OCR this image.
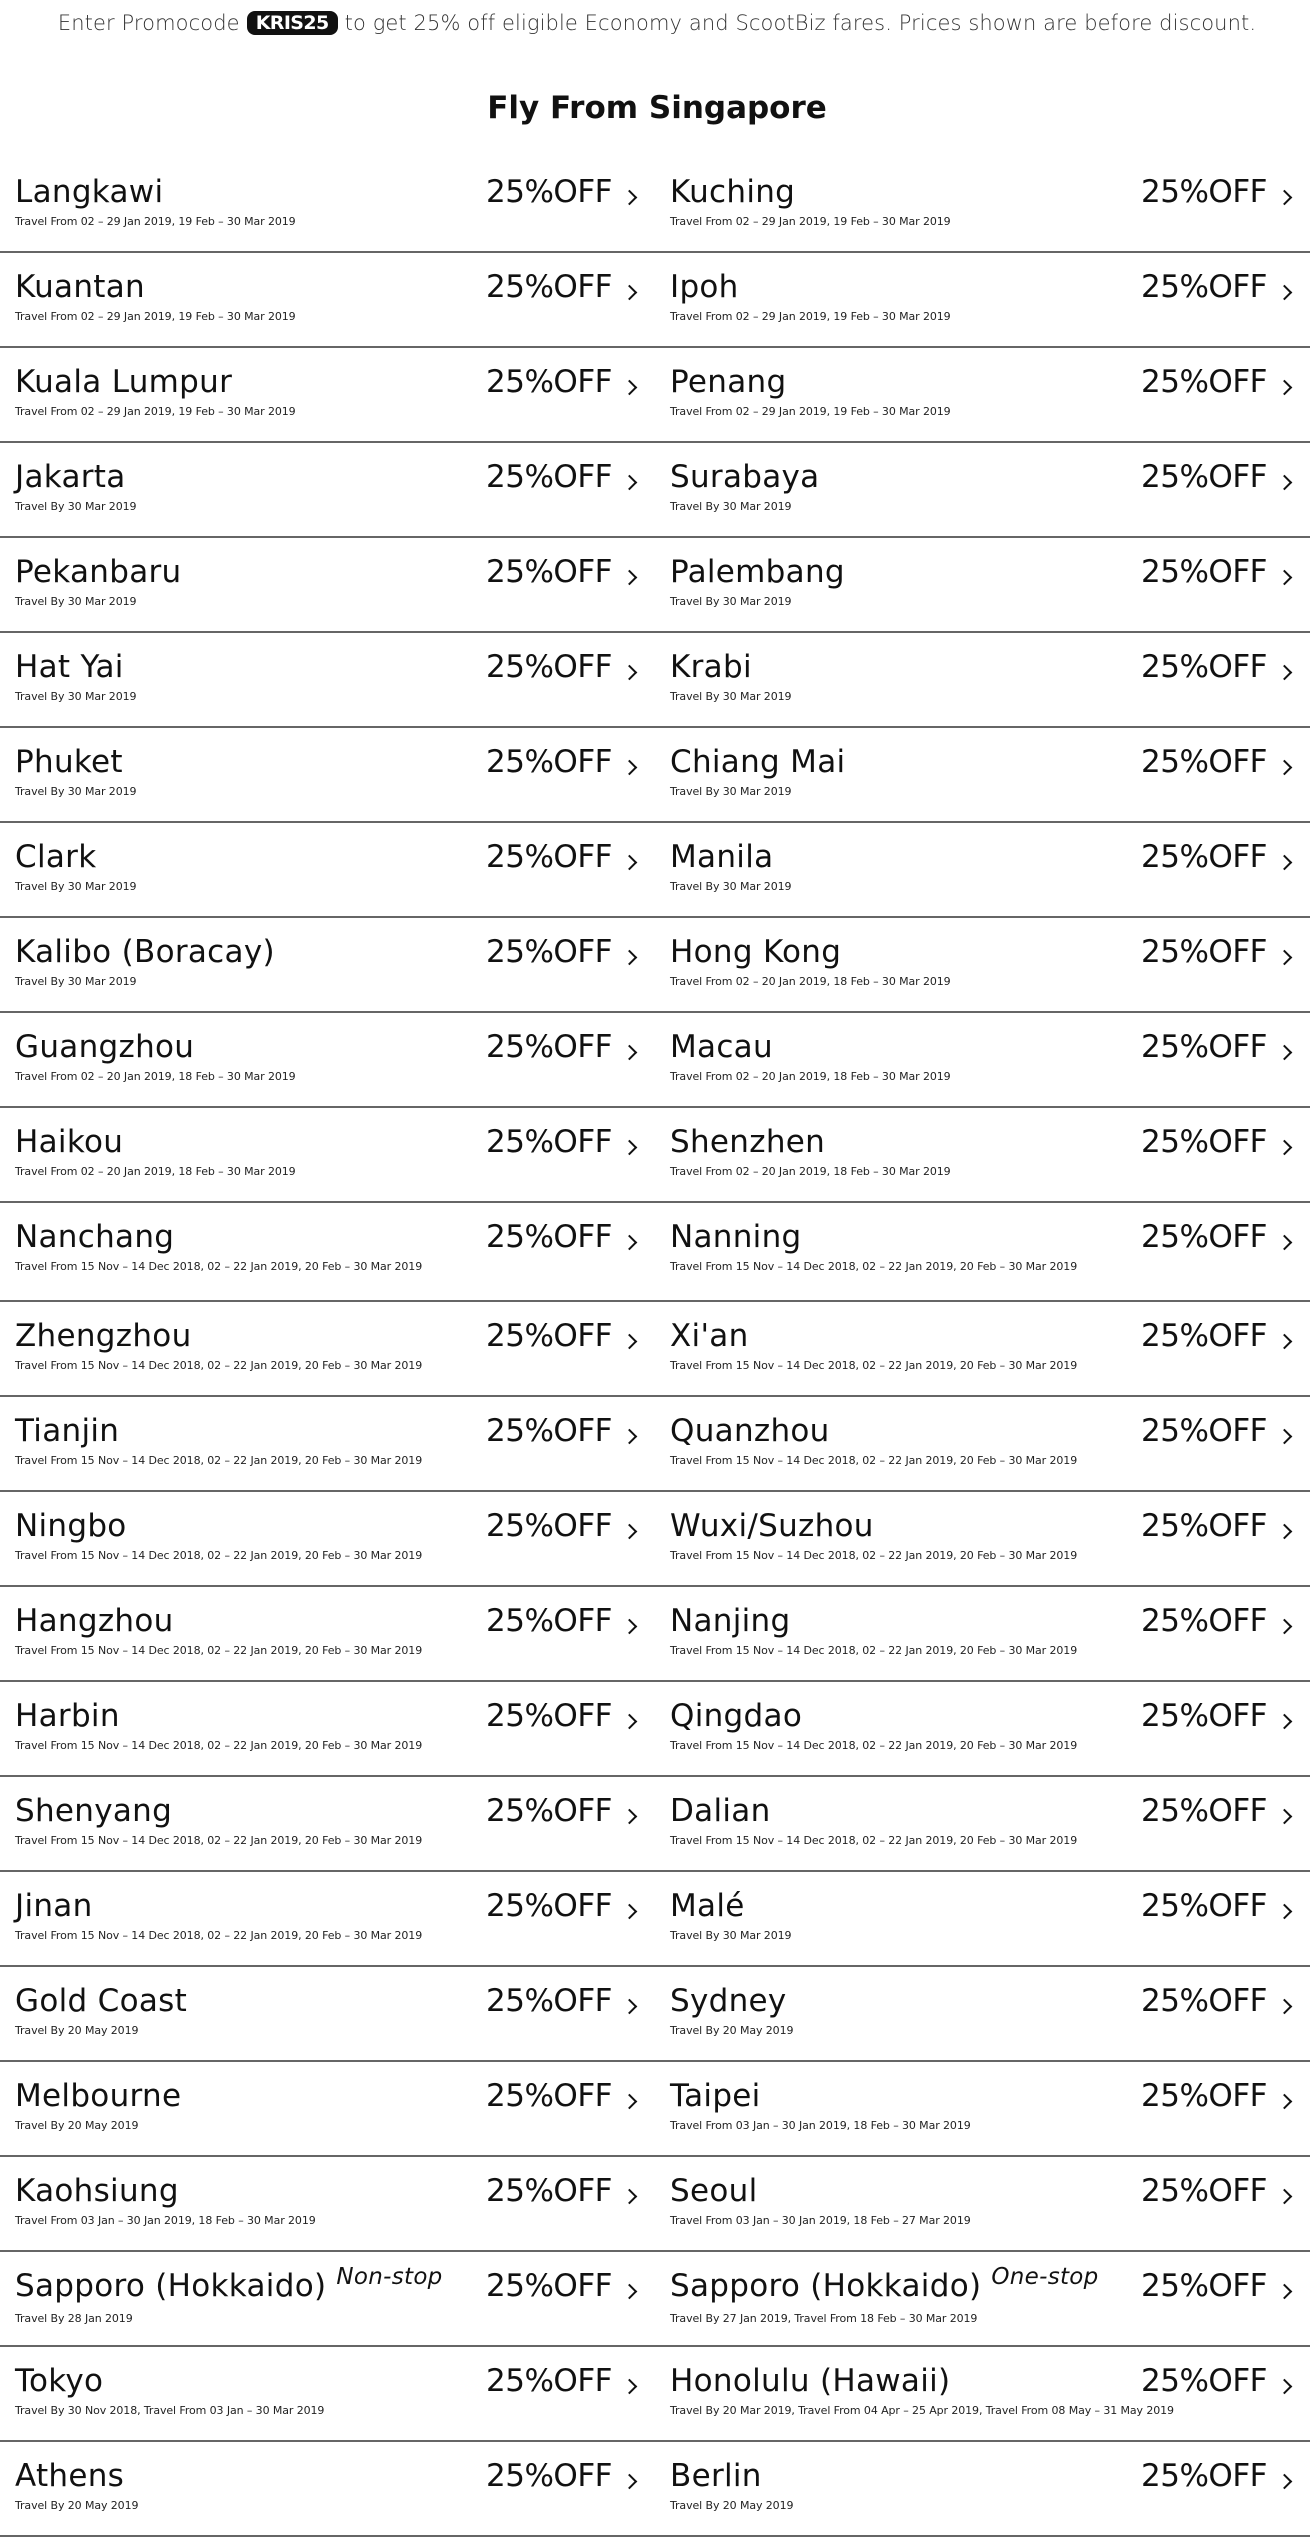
Enter Promocode KRIS25 to get 25% off eligible Economy and ScootBiz fares. Prices shown are before discount.
Fly From Singapore
Langkawi
Travel From 02 – 29 Jan 2019, 19 Feb – 30 Mar 2019
25%OFF Kuching
Travel From 02 – 29 Jan 2019, 19 Feb – 30 Mar 2019
25%OFF
Kuantan
Travel From 02 – 29 Jan 2019, 19 Feb – 30 Mar 2019
25%OFF Ipoh
Travel From 02 – 29 Jan 2019, 19 Feb – 30 Mar 2019
25%OFF
Kuala Lumpur
Travel From 02 – 29 Jan 2019, 19 Feb – 30 Mar 2019
25%OFF Penang
Travel From 02 – 29 Jan 2019, 19 Feb – 30 Mar 2019
25%OFF
Jakarta
Travel By 30 Mar 2019
25%OFF Surabaya
Travel By 30 Mar 2019
25%OFF
Pekanbaru
Travel By 30 Mar 2019
25%OFF Palembang
Travel By 30 Mar 2019
25%OFF
Hat Yai
Travel By 30 Mar 2019
25%OFF Krabi
Travel By 30 Mar 2019
25%OFF
Phuket
Travel By 30 Mar 2019
25%OFF Chiang Mai
Travel By 30 Mar 2019
25%OFF
Clark
Travel By 30 Mar 2019
25%OFF Manila
Travel By 30 Mar 2019
25%OFF
Kalibo (Boracay)
Travel By 30 Mar 2019
25%OFF Hong Kong
Travel From 02 – 20 Jan 2019, 18 Feb – 30 Mar 2019
25%OFF
Guangzhou
Travel From 02 – 20 Jan 2019, 18 Feb – 30 Mar 2019
25%OFF Macau
Travel From 02 – 20 Jan 2019, 18 Feb – 30 Mar 2019
25%OFF
Haikou
Travel From 02 – 20 Jan 2019, 18 Feb – 30 Mar 2019
25%OFF Shenzhen
Travel From 02 – 20 Jan 2019, 18 Feb – 30 Mar 2019
25%OFF
Nanchang
Travel From 15 Nov – 14 Dec 2018, 02 – 22 Jan 2019, 20 Feb – 30 Mar 2019
25%OFF Nanning
Travel From 15 Nov – 14 Dec 2018, 02 – 22 Jan 2019, 20 Feb – 30 Mar 2019
25%OFF
Zhengzhou
Travel From 15 Nov – 14 Dec 2018, 02 – 22 Jan 2019, 20 Feb – 30 Mar 2019
25%OFF Xi'an
Travel From 15 Nov – 14 Dec 2018, 02 – 22 Jan 2019, 20 Feb – 30 Mar 2019
25%OFF
Tianjin
Travel From 15 Nov – 14 Dec 2018, 02 – 22 Jan 2019, 20 Feb – 30 Mar 2019
25%OFF Quanzhou
Travel From 15 Nov – 14 Dec 2018, 02 – 22 Jan 2019, 20 Feb – 30 Mar 2019
25%OFF
Ningbo
Travel From 15 Nov – 14 Dec 2018, 02 – 22 Jan 2019, 20 Feb – 30 Mar 2019
25%OFF Wuxi/Suzhou
Travel From 15 Nov – 14 Dec 2018, 02 – 22 Jan 2019, 20 Feb – 30 Mar 2019
25%OFF
Hangzhou
Travel From 15 Nov – 14 Dec 2018, 02 – 22 Jan 2019, 20 Feb – 30 Mar 2019
25%OFF Nanjing
Travel From 15 Nov – 14 Dec 2018, 02 – 22 Jan 2019, 20 Feb – 30 Mar 2019
25%OFF
Harbin
Travel From 15 Nov – 14 Dec 2018, 02 – 22 Jan 2019, 20 Feb – 30 Mar 2019
25%OFF Qingdao
Travel From 15 Nov – 14 Dec 2018, 02 – 22 Jan 2019, 20 Feb – 30 Mar 2019
25%OFF
Shenyang
Travel From 15 Nov – 14 Dec 2018, 02 – 22 Jan 2019, 20 Feb – 30 Mar 2019
25%OFF Dalian
Travel From 15 Nov – 14 Dec 2018, 02 – 22 Jan 2019, 20 Feb – 30 Mar 2019
25%OFF
Jinan
Travel From 15 Nov – 14 Dec 2018, 02 – 22 Jan 2019, 20 Feb – 30 Mar 2019
25%OFF Malé
Travel By 30 Mar 2019
25%OFF
Gold Coast
Travel By 20 May 2019
25%OFF Sydney
Travel By 20 May 2019
25%OFF
Melbourne
Travel By 20 May 2019
25%OFF Taipei
Travel From 03 Jan – 30 Jan 2019, 18 Feb – 30 Mar 2019
25%OFF
Kaohsiung
Travel From 03 Jan – 30 Jan 2019, 18 Feb – 30 Mar 2019
25%OFF Seoul
Travel From 03 Jan – 30 Jan 2019, 18 Feb – 27 Mar 2019
25%OFF
Sapporo (Hokkaido) $^{Non-stop}$
Travel By 28 Jan 2019
25%OFF Sapporo (Hokkaido) $^{One-stop}$
Travel By 27 Jan 2019, Travel From 18 Feb – 30 Mar 2019
25%OFF
Tokyo
Travel By 30 Nov 2018, Travel From 03 Jan – 30 Mar 2019
25%OFF Honolulu (Hawaii)
Travel By 20 Mar 2019, Travel From 04 Apr – 25 Apr 2019, Travel From 08 May – 31 May 2019
25%OFF
Athens
Travel By 20 May 2019
25%OFF Berlin
Travel By 20 May 2019
25%OFF
